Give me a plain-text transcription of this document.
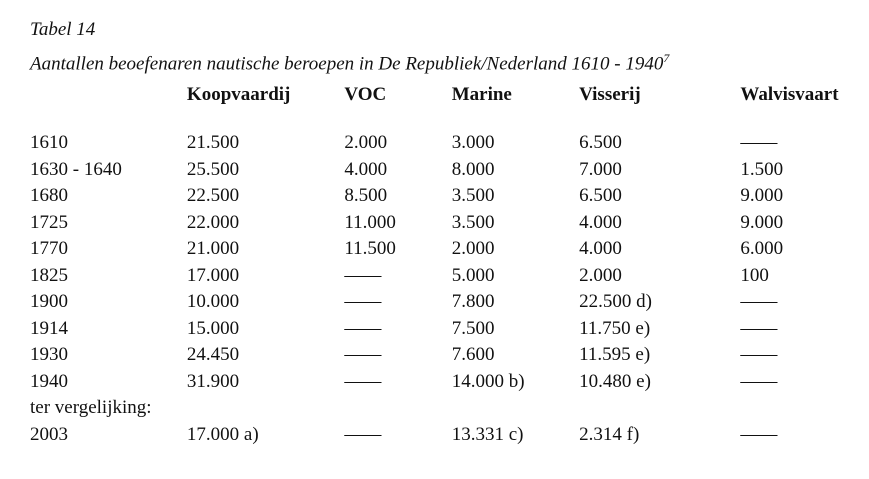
Tabel 14
Aantallen beoefenaren nautische beroepen in De Republiek/Nederland 1610 - 1940$^7$
	Koopvaardij	VOC	Marine	Visserij	Walvisvaart
1610	21.500	2.000	3.000	6.500	——
1630 - 1640	25.500	4.000	8.000	7.000	1.500
1680	22.500	8.500	3.500	6.500	9.000
1725	22.000	11.000	3.500	4.000	9.000
1770	21.000	11.500	2.000	4.000	6.000
1825	17.000	——	5.000	2.000	100
1900	10.000	——	7.800	22.500 d)	——
1914	15.000	——	7.500	11.750 e)	——
1930	24.450	——	7.600	11.595 e)	——
1940	31.900	——	14.000 b)	10.480 e)	——
ter vergelijking:					
2003	17.000 a)	——	13.331 c)	2.314 f)	——
